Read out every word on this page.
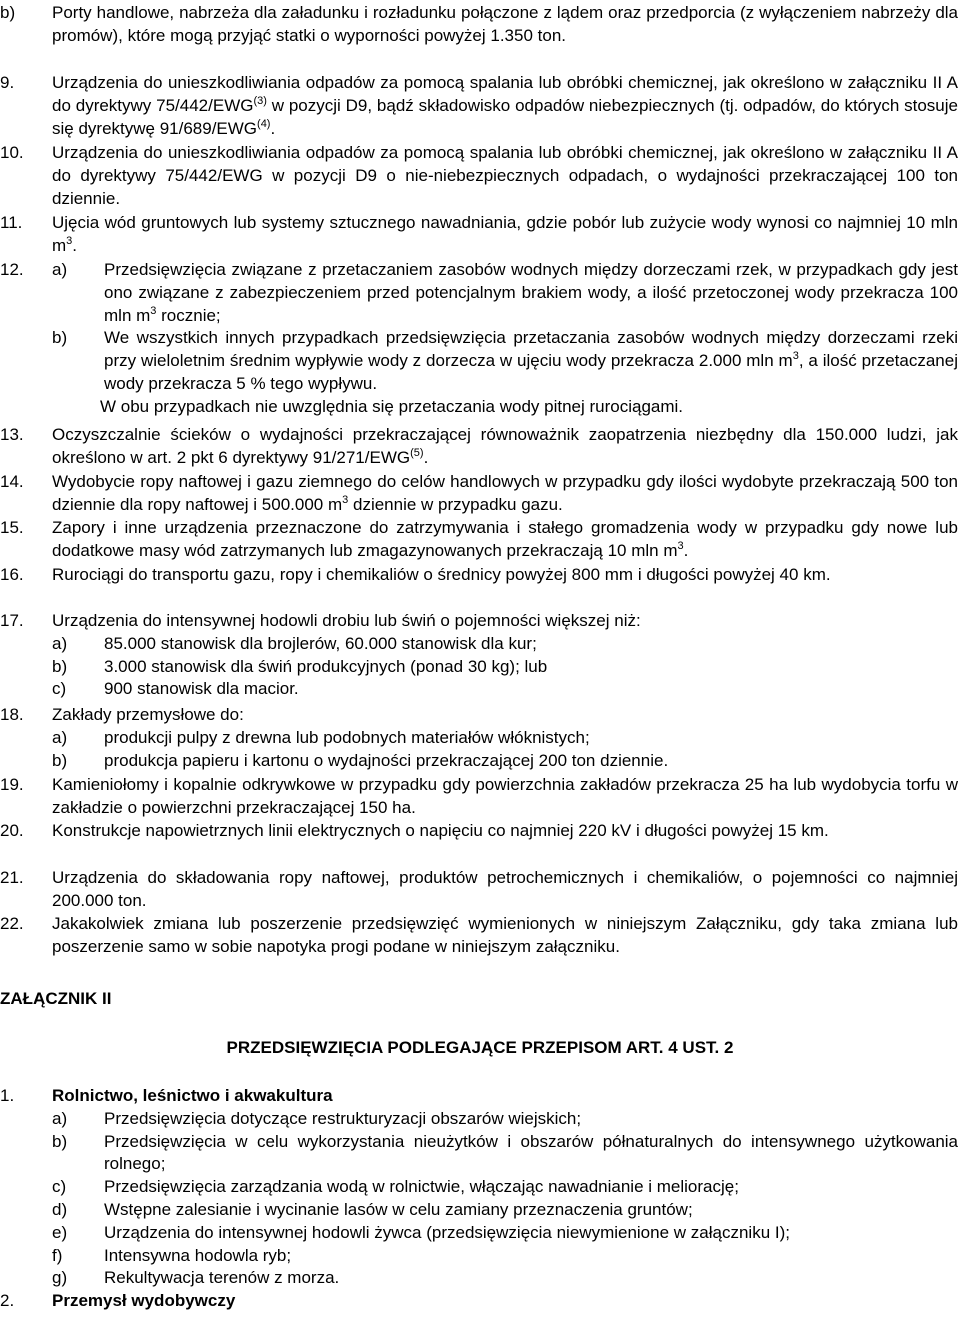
b)	Porty handlowe, nabrzeża dla załadunku i rozładunku połączone z lądem oraz przedporcia (z wyłączeniem nabrzeży dla promów), które mogą przyjąć statki o wyporności powyżej 1.350 ton.
9.	Urządzenia do unieszkodliwiania odpadów za pomocą spalania lub obróbki chemicznej, jak określono w załączniku II A do dyrektywy 75/442/EWG$^{(3)}$ w pozycji D9, bądź składowisko odpadów niebezpiecznych (tj. odpadów, do których stosuje się dyrektywę 91/689/EWG$^{(4)}$.
10.	Urządzenia do unieszkodliwiania odpadów za pomocą spalania lub obróbki chemicznej, jak określono w załączniku II A do dyrektywy 75/442/EWG w pozycji D9 o nie-niebezpiecznych odpadach, o wydajności przekraczającej 100 ton dziennie.
11.	Ujęcia wód gruntowych lub systemy sztucznego nawadniania, gdzie pobór lub zużycie wody wynosi co najmniej 10 mln $m^3$.
12.	a)	Przedsięwzięcia związane z przetaczaniem zasobów wodnych między dorzeczami rzek, w przypadkach gdy jest ono związane z zabezpieczeniem przed potencjalnym brakiem wody, a ilość przetoczonej wody przekracza 100 mln $m^3$ rocznie;
b)	We wszystkich innych przypadkach przedsięwzięcia przetaczania zasobów wodnych między dorzeczami rzeki przy wieloletnim średnim wypływie wody z dorzecza w ujęciu wody przekracza 2.000 mln $m^3$, a ilość przetaczanej wody przekracza 5 % tego wypływu.
W obu przypadkach nie uwzględnia się przetaczania wody pitnej rurociągami.
13.	Oczyszczalnie ścieków o wydajności przekraczającej równoważnik zaopatrzenia niezbędny dla 150.000 ludzi, jak określono w art. 2 pkt 6 dyrektywy 91/271/EWG$^{(5)}$.
14.	Wydobycie ropy naftowej i gazu ziemnego do celów handlowych w przypadku gdy ilości wydobyte przekraczają 500 ton dziennie dla ropy naftowej i 500.000 $m^3$ dziennie w przypadku gazu.
15.	Zapory i inne urządzenia przeznaczone do zatrzymywania i stałego gromadzenia wody w przypadku gdy nowe lub dodatkowe masy wód zatrzymanych lub zmagazynowanych przekraczają 10 mln $m^3$.
16.	Rurociągi do transportu gazu, ropy i chemikaliów o średnicy powyżej 800 mm i długości powyżej 40 km.
17.	Urządzenia do intensywnej hodowli drobiu lub świń o pojemności większej niż:
a)	85.000 stanowisk dla brojlerów, 60.000 stanowisk dla kur;
b)	3.000 stanowisk dla świń produkcyjnych (ponad 30 kg); lub
c)	900 stanowisk dla macior.
18.	Zakłady przemysłowe do:
a)	produkcji pulpy z drewna lub podobnych materiałów włóknistych;
b)	produkcja papieru i kartonu o wydajności przekraczającej 200 ton dziennie.
19.	Kamieniołomy i kopalnie odkrywkowe w przypadku gdy powierzchnia zakładów przekracza 25 ha lub wydobycia torfu w zakładzie o powierzchni przekraczającej 150 ha.
20.	Konstrukcje napowietrznych linii elektrycznych o napięciu co najmniej 220 kV i długości powyżej 15 km.
21.	Urządzenia do składowania ropy naftowej, produktów petrochemicznych i chemikaliów, o pojemności co najmniej 200.000 ton.
22.	Jakakolwiek zmiana lub poszerzenie przedsięwzięć wymienionych w niniejszym Załączniku, gdy taka zmiana lub poszerzenie samo w sobie napotyka progi podane w niniejszym załączniku.
ZAŁĄCZNIK II
PRZEDSIĘWZIĘCIA PODLEGAJĄCE PRZEPISOM ART. 4 UST. 2
1.	Rolnictwo, leśnictwo i akwakultura
a)	Przedsięwzięcia dotyczące restrukturyzacji obszarów wiejskich;
b)	Przedsięwzięcia w celu wykorzystania nieużytków i obszarów półnaturalnych do intensywnego użytkowania rolnego;
c)	Przedsięwzięcia zarządzania wodą w rolnictwie, włączając nawadnianie i meliorację;
d)	Wstępne zalesianie i wycinanie lasów w celu zamiany przeznaczenia gruntów;
e)	Urządzenia do intensywnej hodowli żywca (przedsięwzięcia niewymienione w załączniku I);
f)	Intensywna hodowla ryb;
g)	Rekultywacja terenów z morza.
2.	Przemysł wydobywczy
